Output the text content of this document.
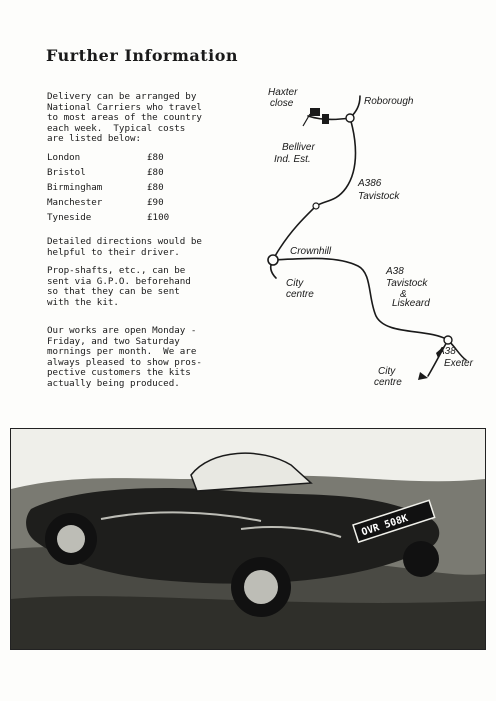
Further Information
Delivery can be arranged by
National Carriers who travel
to most areas of the country
each week.  Typical costs
are listed below:
London	£80
Bristol	£80
Birmingham	£80
Manchester	£90
Tyneside	£100
Detailed directions would be
helpful to their driver.
Prop-shafts, etc., can be
sent via G.P.O. beforehand
so that they can be sent
with the kit.
Our works are open Monday -
Friday, and two Saturday
mornings per month.  We are
always pleased to show pros-
pective customers the kits
actually being produced.
Haxter
close	Roborough
Belliver
Ind. Est.
A386
Tavistock
Crownhill
City
centre
A38
Tavistock
&
Liskeard
A38
Exeter
City
centre
OVR 508K
